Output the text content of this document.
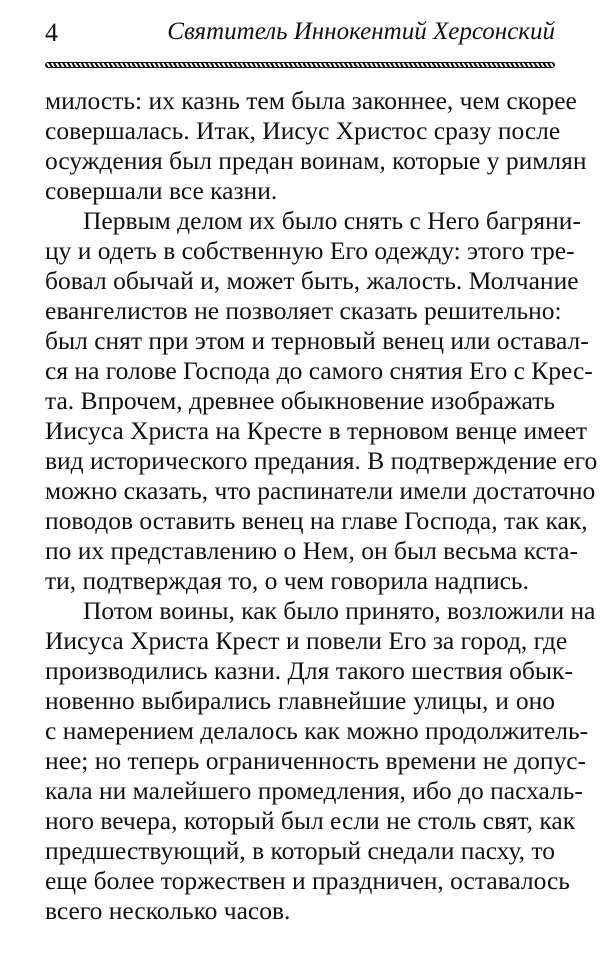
4	Святитель Иннокентий Херсонский
милость: их казнь тем была законнее, чем скорее
совершалась. Итак, Иисус Христос сразу после
осуждения был предан воинам, которые у римлян
совершали все казни.
Первым делом их было снять с Него багряни-
цу и одеть в собственную Его одежду: этого тре-
бовал обычай и, может быть, жалость. Молчание
евангелистов не позволяет сказать решительно:
был снят при этом и терновый венец или оставал-
ся на голове Господа до самого снятия Его с Крес-
та. Впрочем, древнее обыкновение изображать
Иисуса Христа на Кресте в терновом венце имеет
вид исторического предания. В подтверждение его
можно сказать, что распинатели имели достаточно
поводов оставить венец на главе Господа, так как,
по их представлению о Нем, он был весьма кста-
ти, подтверждая то, о чем говорила надпись.
Потом воины, как было принято, возложили на
Иисуса Христа Крест и повели Его за город, где
производились казни. Для такого шествия обык-
новенно выбирались главнейшие улицы, и оно
с намерением делалось как можно продолжитель-
нее; но теперь ограниченность времени не допус-
кала ни малейшего промедления, ибо до пасхаль-
ного вечера, который был если не столь свят, как
предшествующий, в который снедали пасху, то
еще более торжествен и праздничен, оставалось
всего несколько часов.
